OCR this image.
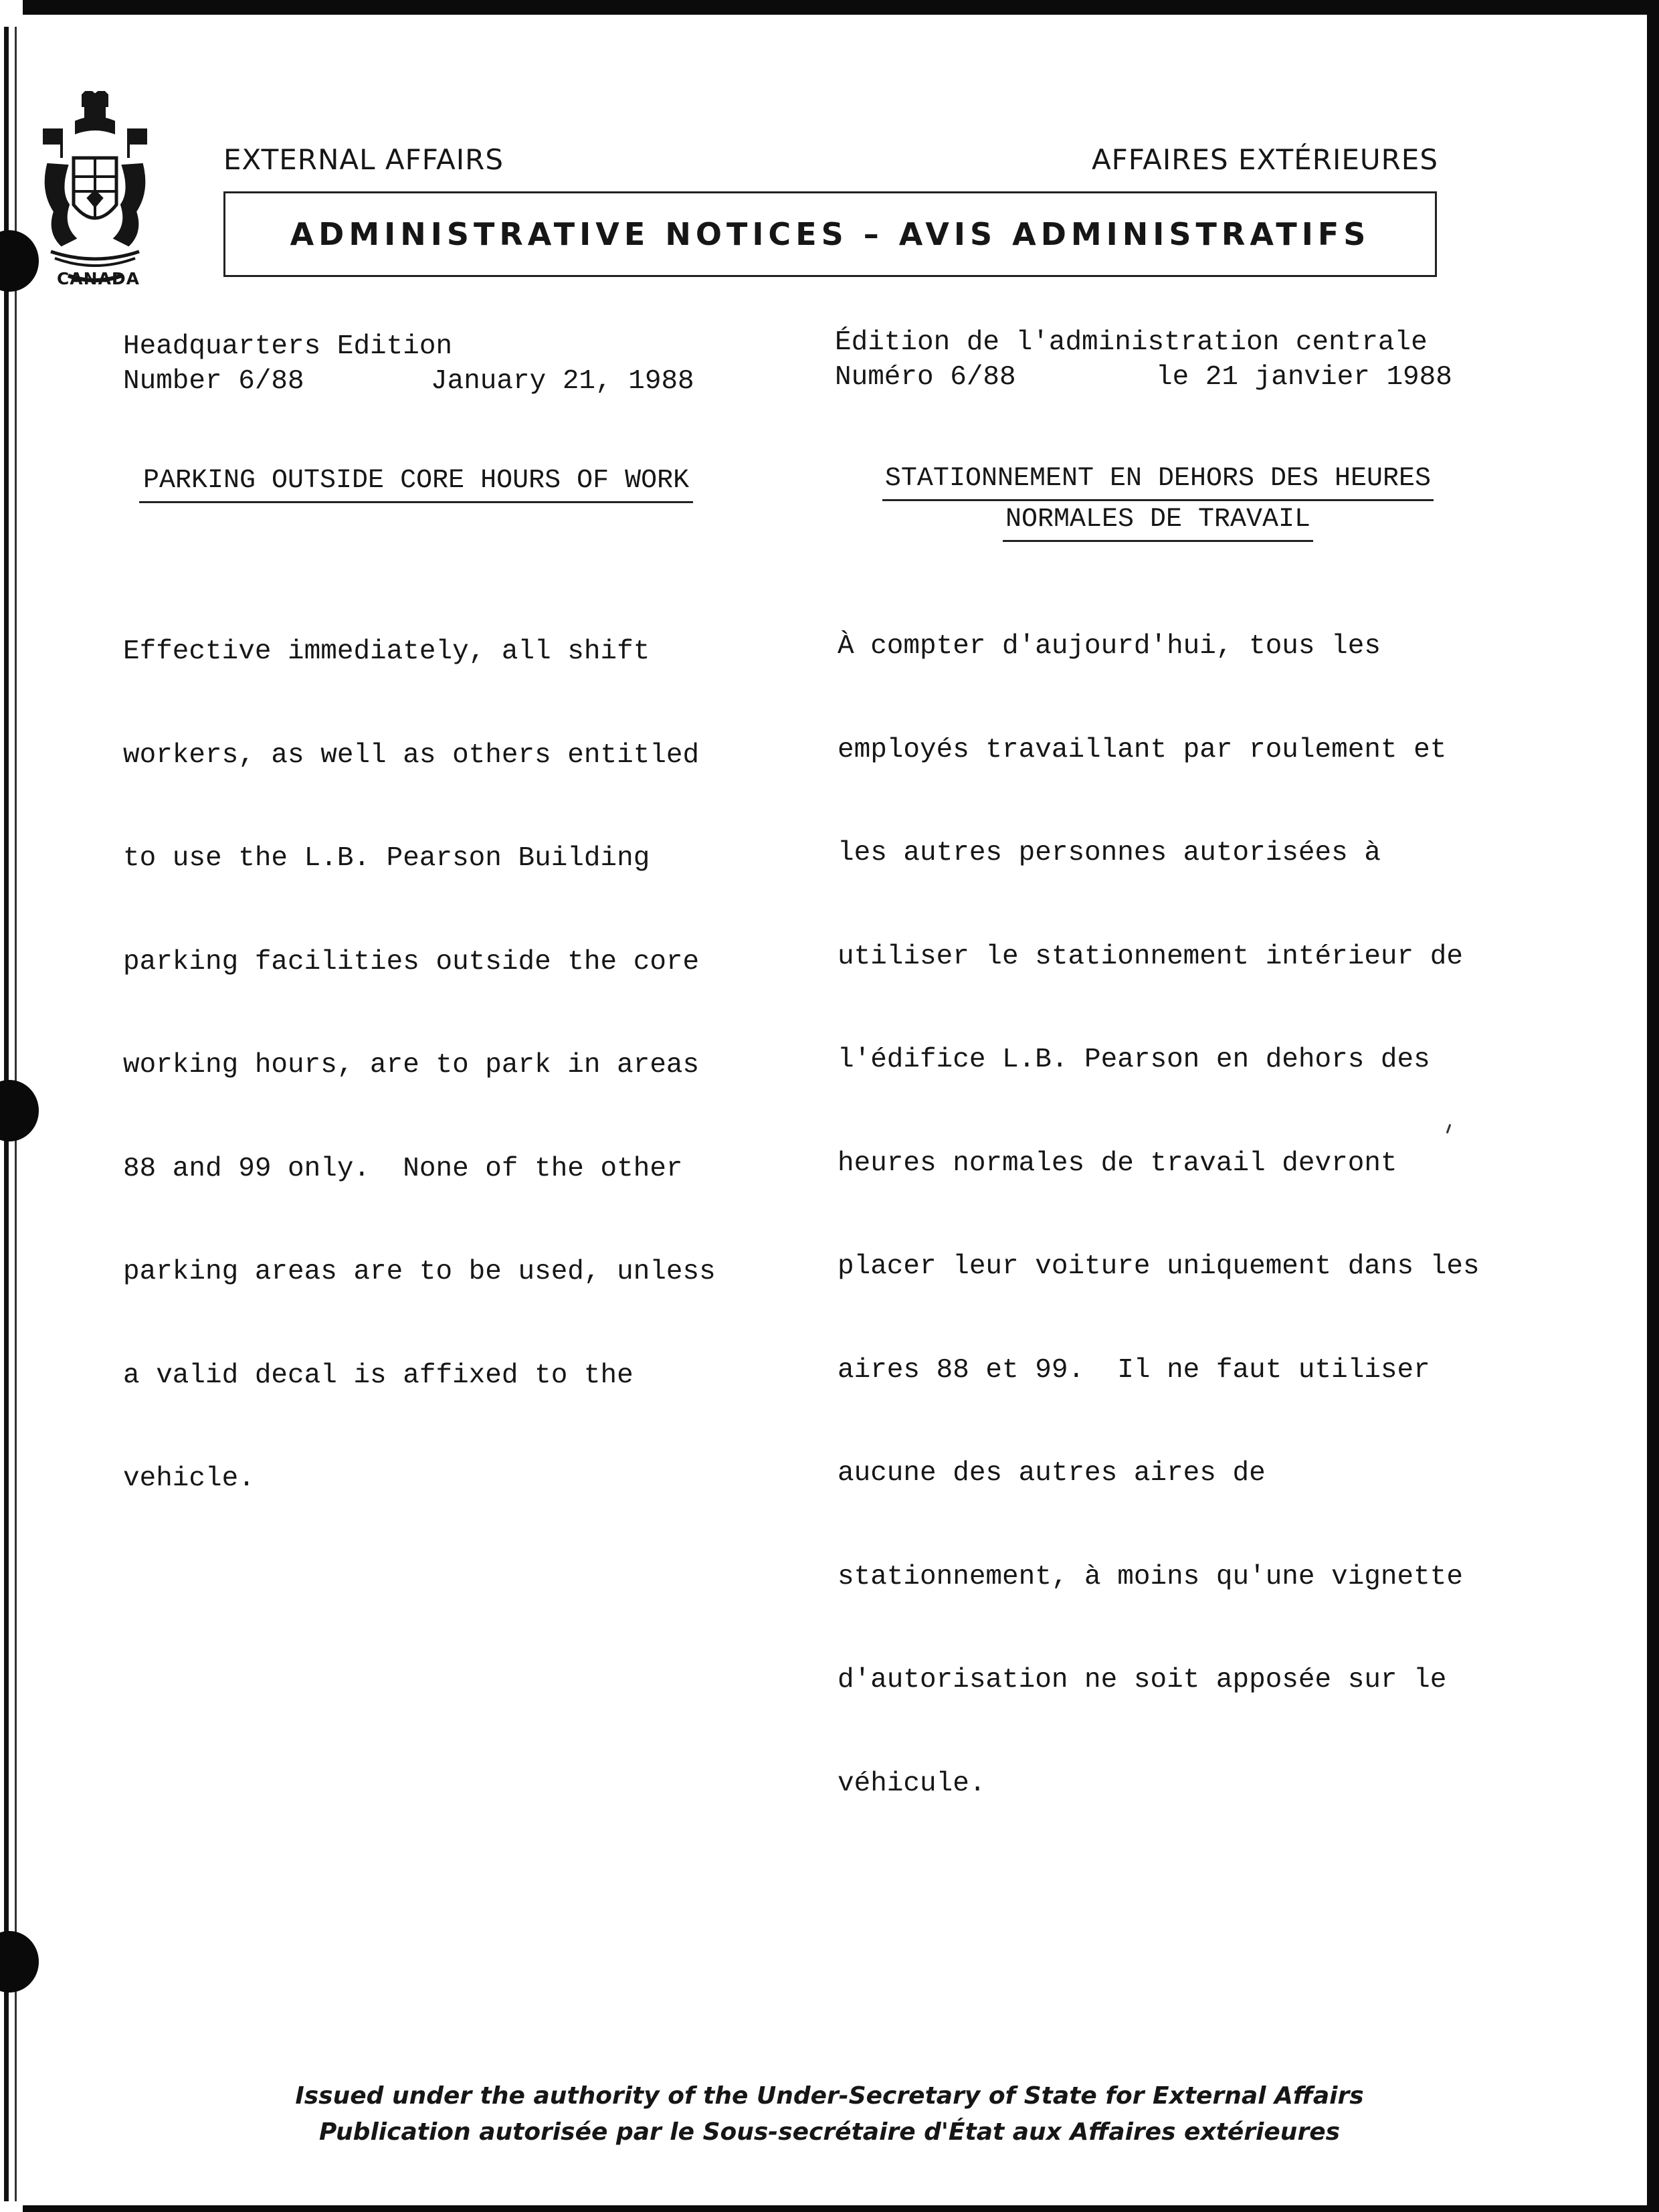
CANADA
EXTERNAL AFFAIRS	AFFAIRES EXTÉRIEURES
ADMINISTRATIVE NOTICES – AVIS ADMINISTRATIFS
Headquarters Edition
Number 6/88	January 21, 1988
Édition de l'administration centrale
Numéro 6/88	le 21 janvier 1988
PARKING OUTSIDE CORE HOURS OF WORK	STATIONNEMENT EN DEHORS DES HEURES
NORMALES DE TRAVAIL

Effective immediately, all shift

workers, as well as others entitled

to use the L.B. Pearson Building

parking facilities outside the core

working hours, are to park in areas

88 and 99 only.  None of the other

parking areas are to be used, unless

a valid decal is affixed to the

vehicle.

À compter d'aujourd'hui, tous les

employés travaillant par roulement et

les autres personnes autorisées à

utiliser le stationnement intérieur de

l'édifice L.B. Pearson en dehors des

heures normales de travail devront

placer leur voiture uniquement dans les

aires 88 et 99.  Il ne faut utiliser

aucune des autres aires de

stationnement, à moins qu'une vignette

d'autorisation ne soit apposée sur le

véhicule.

Issued under the authority of the Under-Secretary of State for External Affairs
Publication autorisée par le Sous-secrétaire d'État aux Affaires extérieures
